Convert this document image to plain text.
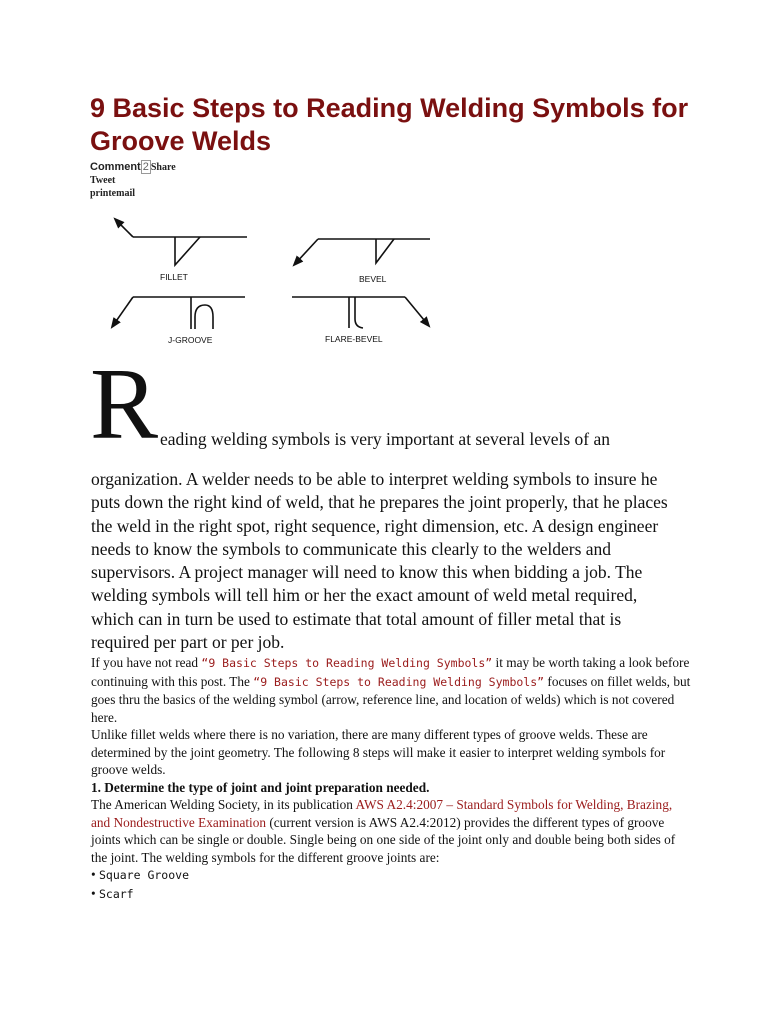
9 Basic Steps to Reading Welding Symbols for Groove Welds
Comment 2 Share
Tweet
printemail
FILLET	BEVEL
J-GROOVE	FLARE-BEVEL
R eading welding symbols is very important at several levels of an

organization. A welder needs to be able to interpret welding symbols to insure he puts down the right kind of weld, that he prepares the joint properly, that he places the weld in the right spot, right sequence, right dimension, etc. A design engineer needs to know the symbols to communicate this clearly to the welders and supervisors. A project manager will need to know this when bidding a job. The welding symbols will tell him or her the exact amount of weld metal required, which can in turn be used to estimate that total amount of filler metal that is required per part or per job.

If you have not read “9 Basic Steps to Reading Welding Symbols” it may be worth taking a look before continuing with this post. The “9 Basic Steps to Reading Welding Symbols” focuses on fillet welds, but goes thru the basics of the welding symbol (arrow, reference line, and location of welds) which is not covered here.

Unlike fillet welds where there is no variation, there are many different types of groove welds. These are determined by the joint geometry. The following 8 steps will make it easier to interpret welding symbols for groove welds.

1. Determine the type of joint and joint preparation needed.

The American Welding Society, in its publication AWS A2.4:2007 – Standard Symbols for Welding, Brazing, and Nondestructive Examination (current version is AWS A2.4:2012) provides the different types of groove joints which can be single or double. Single being on one side of the joint only and double being both sides of the joint. The welding symbols for the different groove joints are:

• Square Groove
• Scarf
